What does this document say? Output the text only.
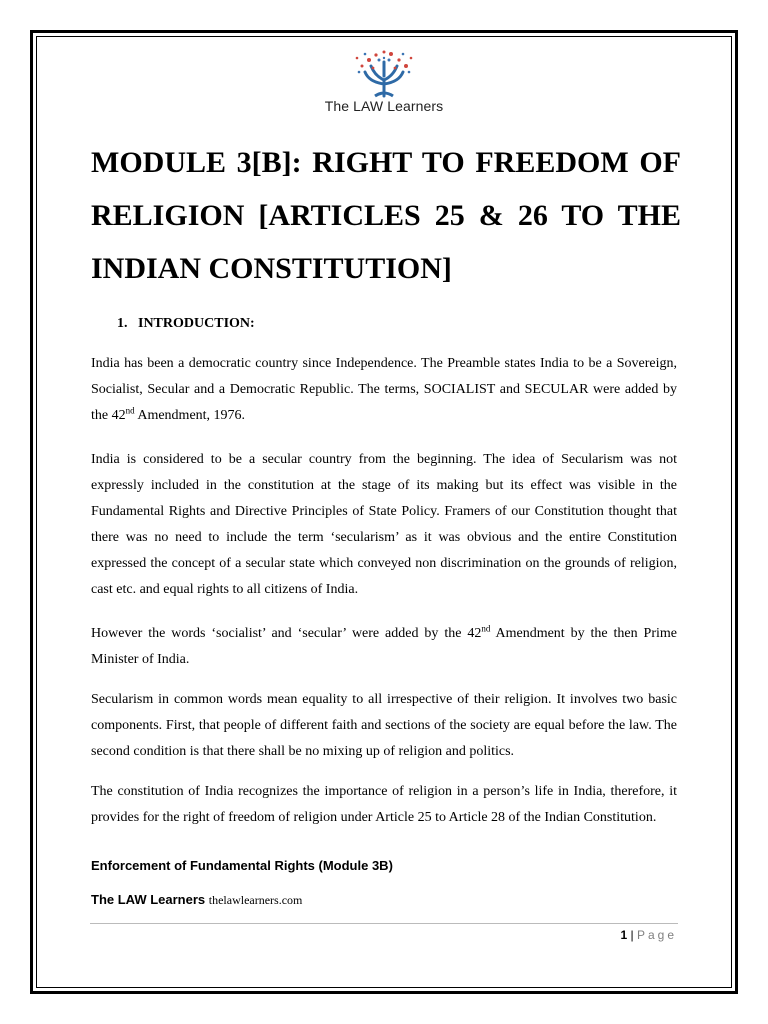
The LAW Learners
MODULE 3[B]: RIGHT TO FREEDOM OF RELIGION [ARTICLES 25 & 26 TO THE INDIAN CONSTITUTION]
1. INTRODUCTION:

India has been a democratic country since Independence. The Preamble states India to be a Sovereign, Socialist, Secular and a Democratic Republic. The terms, SOCIALIST and SECULAR were added by the 42nd Amendment, 1976.

India is considered to be a secular country from the beginning. The idea of Secularism was not expressly included in the constitution at the stage of its making but its effect was visible in the Fundamental Rights and Directive Principles of State Policy. Framers of our Constitution thought that there was no need to include the term ‘secularism’ as it was obvious and the entire Constitution expressed the concept of a secular state which conveyed non discrimination on the grounds of religion, cast etc. and equal rights to all citizens of India.

However the words ‘socialist’ and ‘secular’ were added by the 42nd Amendment by the then Prime Minister of India.

Secularism in common words mean equality to all irrespective of their religion. It involves two basic components. First, that people of different faith and sections of the society are equal before the law. The second condition is that there shall be no mixing up of religion and politics.

The constitution of India recognizes the importance of religion in a person’s life in India, therefore, it provides for the right of freedom of religion under Article 25 to Article 28 of the Indian Constitution.

Enforcement of Fundamental Rights (Module 3B)
The LAW Learners thelawlearners.com
1 | Page
